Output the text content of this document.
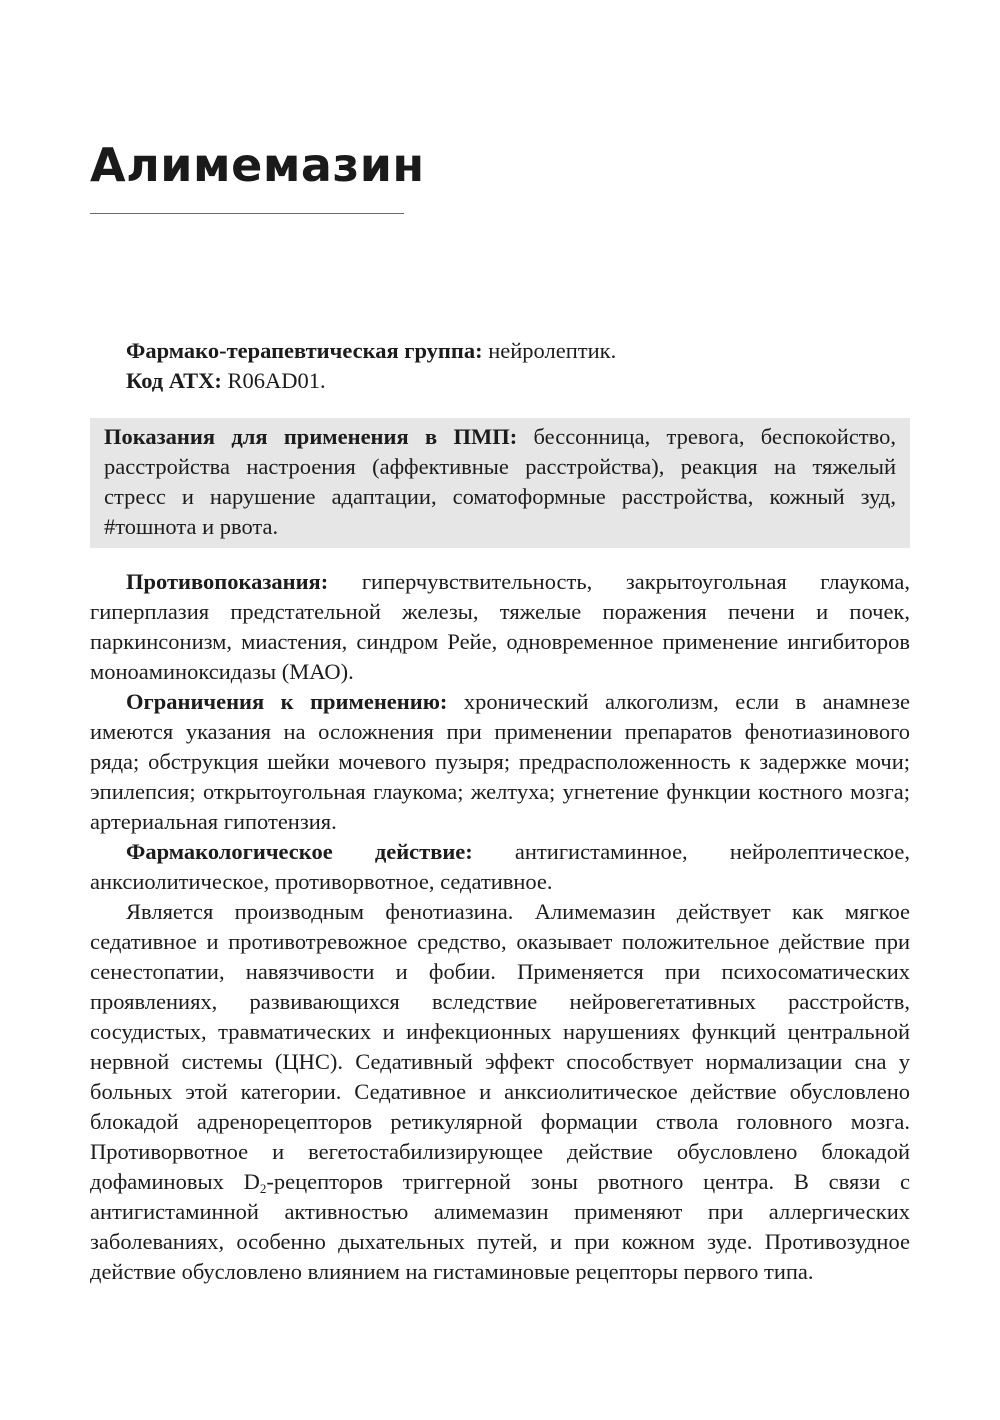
Алимемазин

Фармако-терапевтическая группа: нейролептик.

Код АТХ: R06AD01.

Показания для применения в ПМП: бессонница, тревога, беспокойство, расстройства настроения (аффективные расстройства), реакция на тяжелый стресс и нарушение адаптации, соматоформные расстройства, кожный зуд, #тошнота и рвота.

Противопоказания: гиперчувствительность, закрытоугольная глаукома, гиперплазия предстательной железы, тяжелые поражения печени и почек, паркинсонизм, миастения, синдром Рейе, одновременное применение ингибиторов моноаминоксидазы (МАО).

Ограничения к применению: хронический алкоголизм, если в анамнезе имеются указания на осложнения при применении препаратов фенотиазинового ряда; обструкция шейки мочевого пузыря; предрасположенность к задержке мочи; эпилепсия; открытоугольная глаукома; желтуха; угнетение функции костного мозга; артериальная гипотензия.

Фармакологическое действие: антигистаминное, нейролептическое, анксиолитическое, противорвотное, седативное.

Является производным фенотиазина. Алимемазин действует как мягкое седативное и противотревожное средство, оказывает положительное действие при сенестопатии, навязчивости и фобии. Применяется при психосоматических проявлениях, развивающихся вследствие нейровегетативных расстройств, сосудистых, травматических и инфекционных нарушениях функций центральной нервной системы (ЦНС). Седативный эффект способствует нормализации сна у больных этой категории. Седативное и анксиолитическое действие обусловлено блокадой адренорецепторов ретикулярной формации ствола головного мозга. Противорвотное и вегетостабилизирующее действие обусловлено блокадой дофаминовых $D_2$-рецепторов триггерной зоны рвотного центра. В связи с антигистаминной активностью алимемазин применяют при аллергических заболеваниях, особенно дыхательных путей, и при кожном зуде. Противозудное действие обусловлено влиянием на гистаминовые рецепторы первого типа.
